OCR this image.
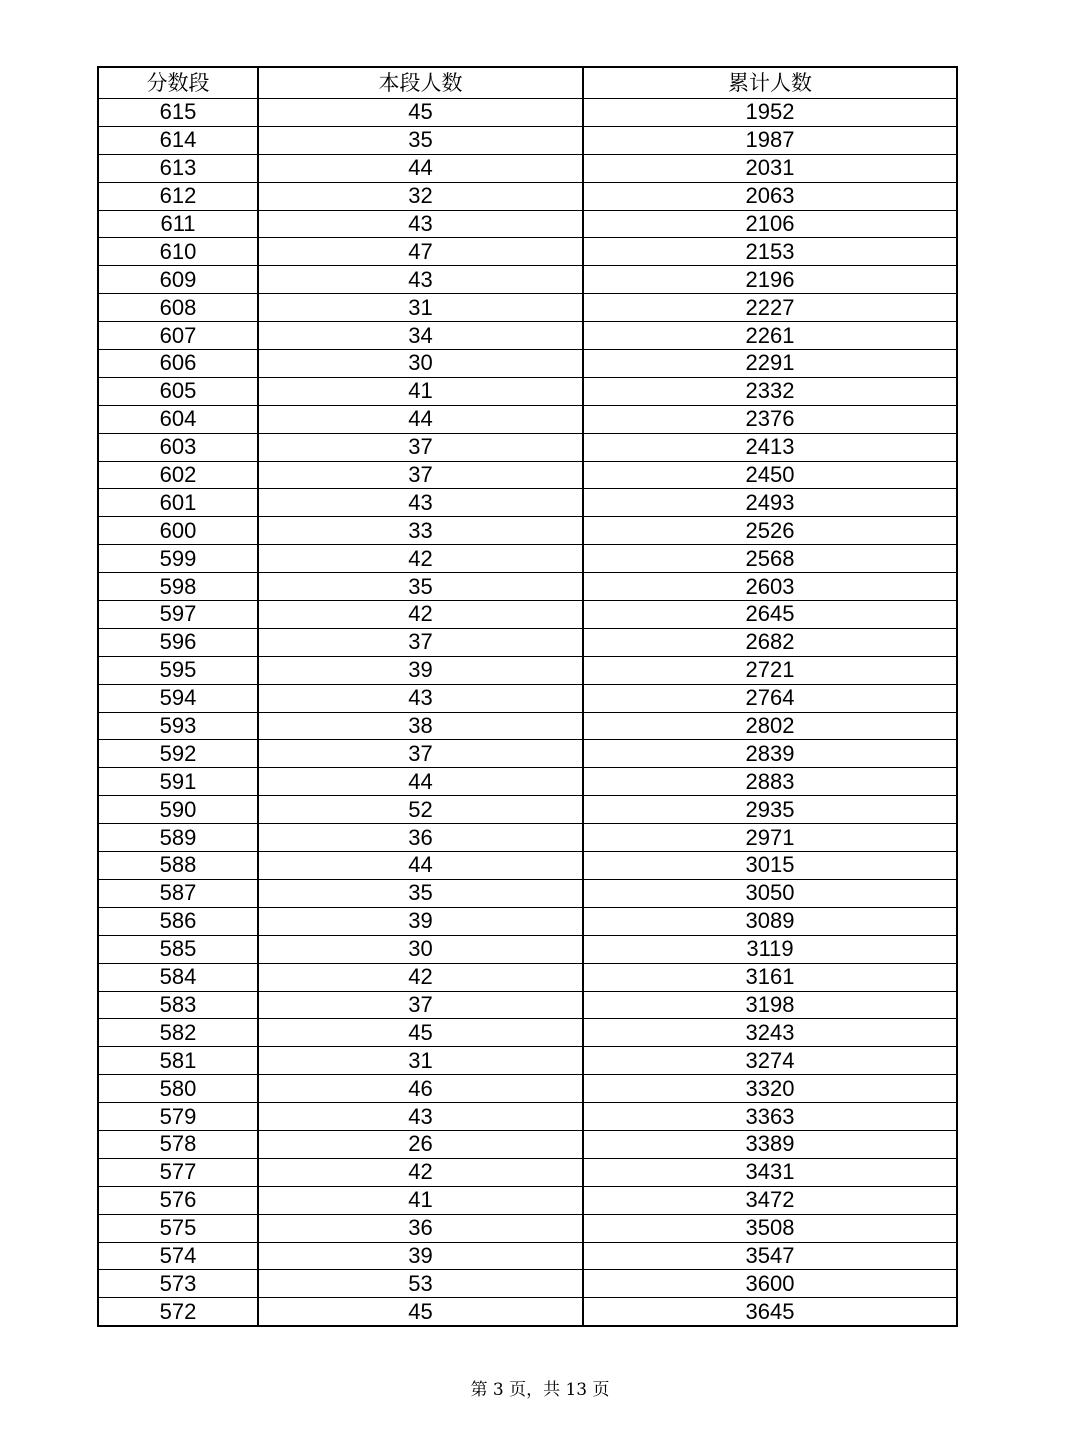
分数段	本段人数	累计人数
615	45	1952
614	35	1987
613	44	2031
612	32	2063
611	43	2106
610	47	2153
609	43	2196
608	31	2227
607	34	2261
606	30	2291
605	41	2332
604	44	2376
603	37	2413
602	37	2450
601	43	2493
600	33	2526
599	42	2568
598	35	2603
597	42	2645
596	37	2682
595	39	2721
594	43	2764
593	38	2802
592	37	2839
591	44	2883
590	52	2935
589	36	2971
588	44	3015
587	35	3050
586	39	3089
585	30	3119
584	42	3161
583	37	3198
582	45	3243
581	31	3274
580	46	3320
579	43	3363
578	26	3389
577	42	3431
576	41	3472
575	36	3508
574	39	3547
573	53	3600
572	45	3645
第 3 页，共 13 页
